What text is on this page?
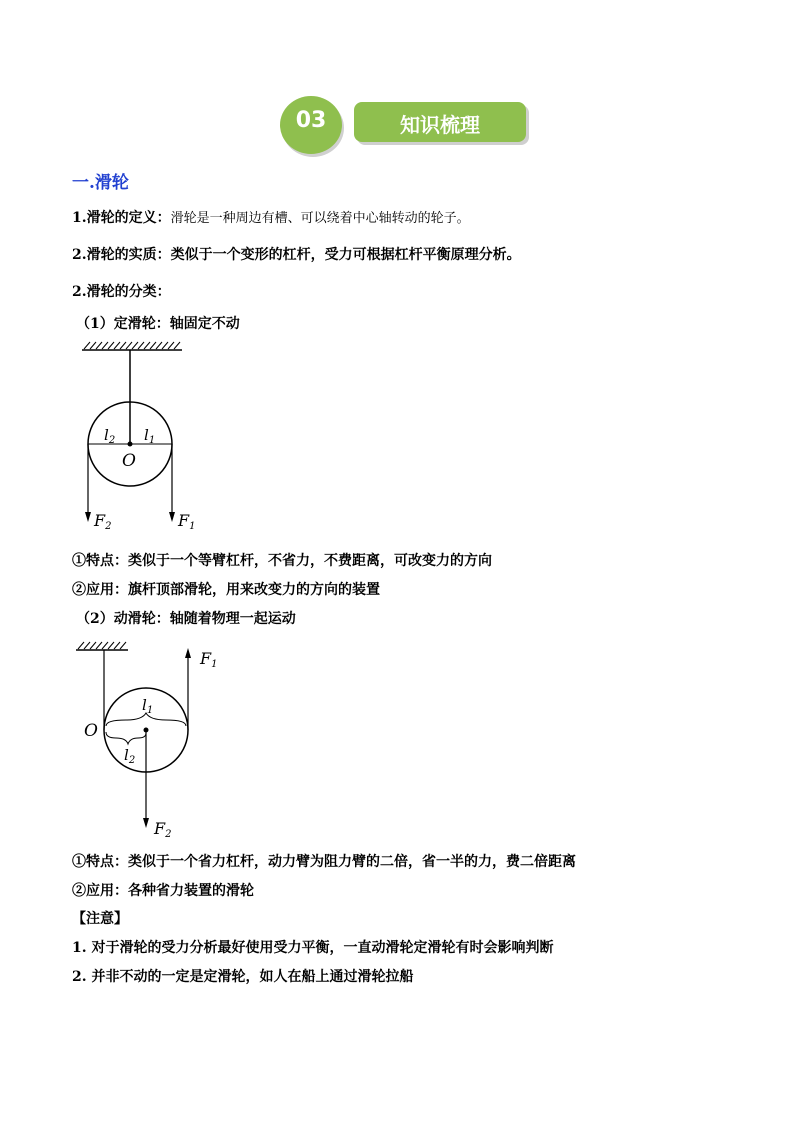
03	知识梳理
一.滑轮
1.滑轮的定义：滑轮是一种周边有槽、可以绕着中心轴转动的轮子。
2.滑轮的实质：类似于一个变形的杠杆，受力可根据杠杆平衡原理分析。
2.滑轮的分类：
（1）定滑轮：轴固定不动
$l_2$ $l_1$
O
F2	F1
①特点：类似于一个等臂杠杆，不省力，不费距离，可改变力的方向
②应用：旗杆顶部滑轮，用来改变力的方向的装置
（2）动滑轮：轴随着物理一起运动
F1
$l_1$
$l_2$
O
F2
①特点：类似于一个省力杠杆，动力臂为阻力臂的二倍，省一半的力，费二倍距离
②应用：各种省力装置的滑轮
【注意】
1. 对于滑轮的受力分析最好使用受力平衡，一直动滑轮定滑轮有时会影响判断
2. 并非不动的一定是定滑轮，如人在船上通过滑轮拉船
